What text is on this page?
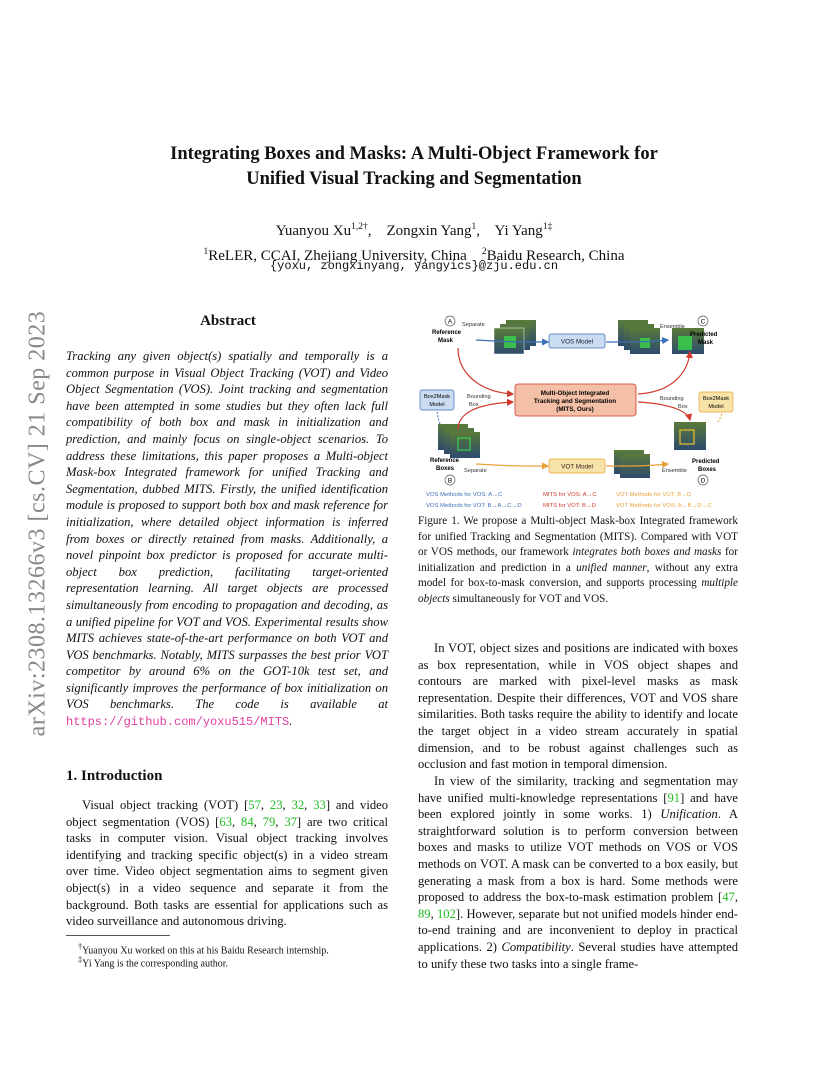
Integrating Boxes and Masks: A Multi-Object Framework for
Unified Visual Tracking and Segmentation
Yuanyou $Xu^{1,2\dagger}$,    Zongxin Yang$^1$,    Yi Yang$^{1\ddagger}$
$^1$ReLER, CCAI, Zhejiang University, China $^2$Baidu Research, China
{yoxu, zongxinyang, yangyics}@zju.edu.cn
arXiv:2308.13266v3 [cs.CV] 21 Sep 2023	Abstract
Tracking any given object(s) spatially and temporally is a common purpose in Visual Object Tracking (VOT) and Video Object Segmentation (VOS). Joint tracking and segmentation have been attempted in some studies but they often lack full compatibility of both box and mask in initialization and prediction, and mainly focus on single-object scenarios. To address these limitations, this paper proposes a Multi-object Mask-box Integrated framework for unified Tracking and Segmentation, dubbed MITS. Firstly, the unified identification module is proposed to support both box and mask reference for initialization, where detailed object information is inferred from boxes or directly retained from masks. Additionally, a novel pinpoint box predictor is proposed for accurate multi-object box prediction, facilitating target-oriented representation learning. All target objects are processed simultaneously from encoding to propagation and decoding, as a unified pipeline for VOT and VOS. Experimental results show MITS achieves state-of-the-art performance on both VOT and VOS benchmarks. Notably, MITS surpasses the best prior VOT competitor by around 6% on the GOT-10k test set, and significantly improves the performance of box initialization on VOS benchmarks. The code is available at https://github.com/yoxu515/MITS.
1. Introduction
Visual object tracking (VOT) [57, 23, 32, 33] and video object segmentation (VOS) [63, 84, 79, 37] are two critical tasks in computer vision. Visual object tracking involves identifying and tracking specific object(s) in a video stream over time. Video object segmentation aims to segment given object(s) in a video sequence and separate it from the background. Both tasks are essential for applications such as video surveillance and autonomous driving.
†Yuanyou Xu worked on this at his Baidu Research internship.
‡Yi Yang is the corresponding author.
A	C
B	D
VOS Model
VOT Model
Multi-Object Integrated
Tracking and Segmentation
(MITS, Ours)
Box2Mask
Model
Box2Mask
Model
Separate
Reference
Mask
Ensemble
Predicted
Mask
Bounding
Box
Bounding
Box
Reference
Boxes Separate	Ensemble
Predicted
Boxes
VOS Methods for VOS: A→C
VOS Methods for VOT: B→A→C→D
MITS for VOS: A→C
MITS for VOT: B→D
VOT Methods for VOT: B→D
VOT Methods for VOS: A→B→D→C
Figure 1. We propose a Multi-object Mask-box Integrated framework for unified Tracking and Segmentation (MITS). Compared with VOT or VOS methods, our framework integrates both boxes and masks for initialization and prediction in a unified manner, without any extra model for box-to-mask conversion, and supports processing multiple objects simultaneously for VOT and VOS.
In VOT, object sizes and positions are indicated with boxes as box representation, while in VOS object shapes and contours are marked with pixel-level masks as mask representation. Despite their differences, VOT and VOS share similarities. Both tasks require the ability to identify and locate the target object in a video stream accurately in spatial dimension, and to be robust against challenges such as occlusion and fast motion in temporal dimension.
In view of the similarity, tracking and segmentation may have unified multi-knowledge representations [91] and have been explored jointly in some works. 1) Unification. A straightforward solution is to perform conversion between boxes and masks to utilize VOT methods on VOS or VOS methods on VOT. A mask can be converted to a box easily, but generating a mask from a box is hard. Some methods were proposed to address the box-to-mask estimation problem [47, 89, 102]. However, separate but not unified models hinder end-to-end training and are inconvenient to deploy in practical applications. 2) Compatibility. Several studies have attempted to unify these two tasks into a single frame-
